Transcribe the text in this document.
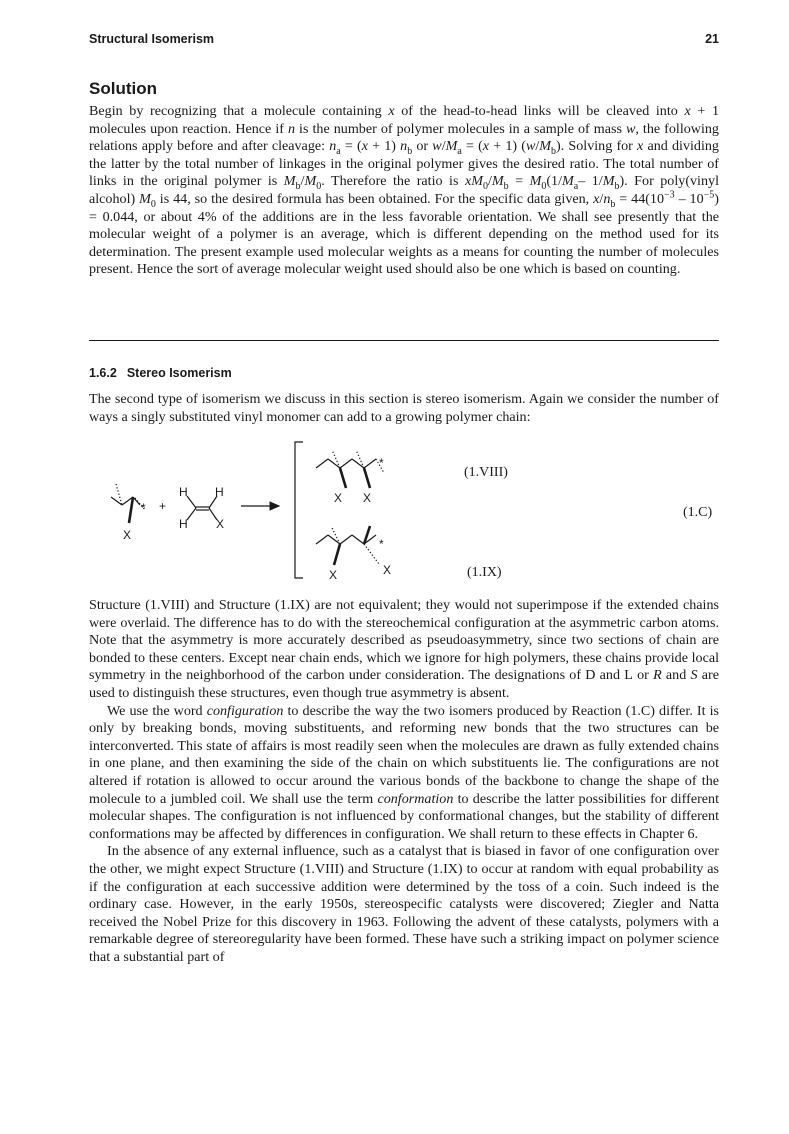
Structural Isomerism	21
Solution

Begin by recognizing that a molecule containing x of the head-to-head links will be cleaved into x + 1 molecules upon reaction. Hence if n is the number of polymer molecules in a sample of mass w, the following relations apply before and after cleavage: $n_a = (x + 1)$ $n_b$ or $w/M_a = (x + 1)$ $(w/M_b)$. Solving for x and dividing the latter by the total number of linkages in the original polymer gives the desired ratio. The total number of links in the original polymer is $M_b/M_0$. Therefore the ratio is $xM_0/M_b = M_0(1/M_a-$ $1/M_b$). For poly(vinyl alcohol) $M_0$ is 44, so the desired formula has been obtained. For the specific data given, $x/n_b = 44(10^{-3} - 10^{-5}) = 0.044$, or about 4% of the additions are in the less favorable orientation. We shall see presently that the molecular weight of a polymer is an average, which is different depending on the method used for its determination. The present example used molecular weights as a means for counting the number of molecules present. Hence the sort of average molecular weight used should also be one which is based on counting.

1.6.2 Stereo Isomerism

The second type of isomerism we discuss in this section is stereo isomerism. Again we consider the number of ways a singly substituted vinyl monomer can add to a growing polymer chain:

*
X
+
H H
H X
*
X X
*
X	X
(1.VIII)
(1.IX)
(1.C)

Structure (1.VIII) and Structure (1.IX) are not equivalent; they would not superimpose if the extended chains were overlaid. The difference has to do with the stereochemical configuration at the asymmetric carbon atoms. Note that the asymmetry is more accurately described as pseudoasymmetry, since two sections of chain are bonded to these centers. Except near chain ends, which we ignore for high polymers, these chains provide local symmetry in the neighborhood of the carbon under consideration. The designations of D and L or R and S are used to distinguish these structures, even though true asymmetry is absent.

We use the word configuration to describe the way the two isomers produced by Reaction (1.C) differ. It is only by breaking bonds, moving substituents, and reforming new bonds that the two structures can be interconverted. This state of affairs is most readily seen when the molecules are drawn as fully extended chains in one plane, and then examining the side of the chain on which substituents lie. The configurations are not altered if rotation is allowed to occur around the various bonds of the backbone to change the shape of the molecule to a jumbled coil. We shall use the term conformation to describe the latter possibilities for different molecular shapes. The configuration is not influenced by conformational changes, but the stability of different conformations may be affected by differences in configuration. We shall return to these effects in Chapter 6.

In the absence of any external influence, such as a catalyst that is biased in favor of one configuration over the other, we might expect Structure (1.VIII) and Structure (1.IX) to occur at random with equal probability as if the configuration at each successive addition were determined by the toss of a coin. Such indeed is the ordinary case. However, in the early 1950s, stereospecific catalysts were discovered; Ziegler and Natta received the Nobel Prize for this discovery in 1963. Following the advent of these catalysts, polymers with a remarkable degree of stereoregularity have been formed. These have such a striking impact on polymer science that a substantial part of
